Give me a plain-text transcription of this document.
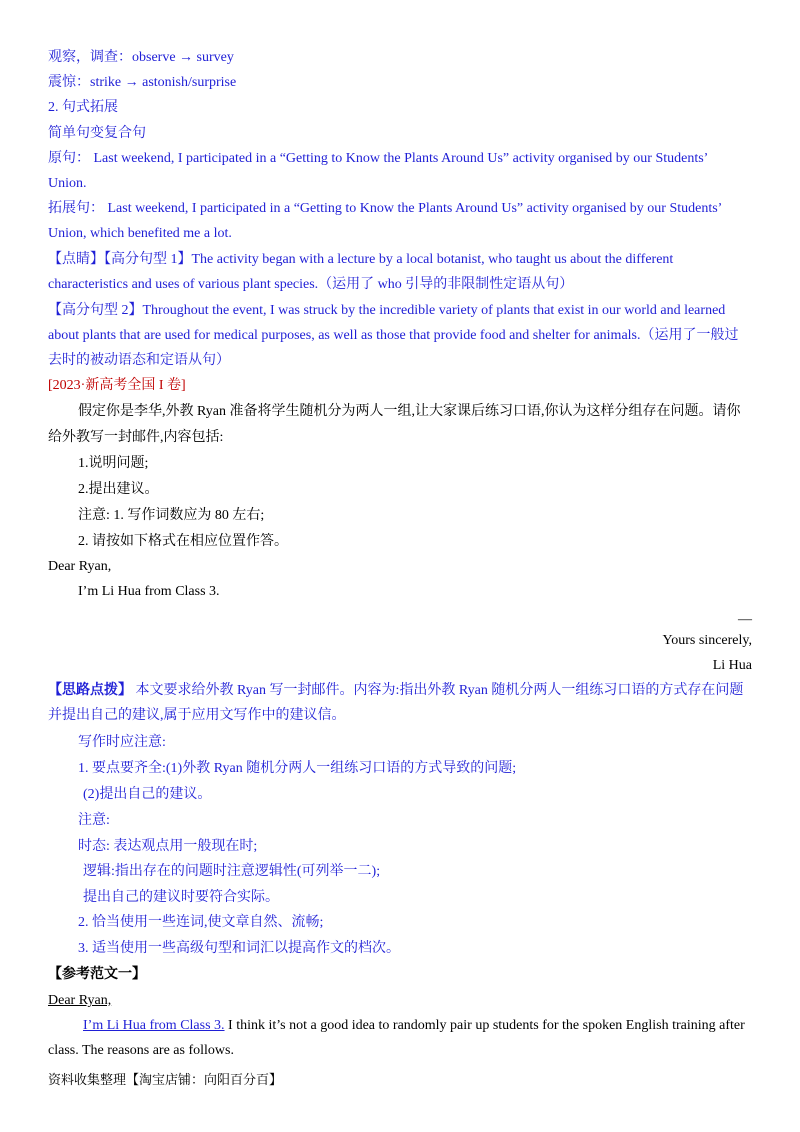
观察，调查：observe → survey
震惊：strike → astonish/surprise
2. 句式拓展
简单句变复合句
原句： Last weekend, I participated in a “Getting to Know the Plants Around Us” activity organised by our Students’
Union.
拓展句： Last weekend, I participated in a “Getting to Know the Plants Around Us” activity organised by our Students’
Union, which benefited me a lot.
【点睛】【高分句型 1】The activity began with a lecture by a local botanist, who taught us about the different
characteristics and uses of various plant species.（运用了 who 引导的非限制性定语从句）
【高分句型 2】Throughout the event, I was struck by the incredible variety of plants that exist in our world and learned
about plants that are used for medical purposes, as well as those that provide food and shelter for animals.（运用了一般过
去时的被动语态和定语从句）
[2023·新高考全国 I 卷]
假定你是李华,外教 Ryan 准备将学生随机分为两人一组,让大家课后练习口语,你认为这样分组存在问题。请你
给外教写一封邮件,内容包括:
1.说明问题;
2.提出建议。
注意: 1. 写作词数应为 80 左右;
2. 请按如下格式在相应位置作答。
Dear Ryan,
I’m Li Hua from Class 3.
—
Yours sincerely,
Li Hua
【思路点拨】 本文要求给外教 Ryan 写一封邮件。内容为:指出外教 Ryan 随机分两人一组练习口语的方式存在问题
并提出自己的建议,属于应用文写作中的建议信。
写作时应注意:
1. 要点要齐全:(1)外教 Ryan 随机分两人一组练习口语的方式导致的问题;
(2)提出自己的建议。
注意:
时态: 表达观点用一般现在时;
逻辑:指出存在的问题时注意逻辑性(可列举一二);
提出自己的建议时要符合实际。
2. 恰当使用一些连词,使文章自然、流畅;
3. 适当使用一些高级句型和词汇以提高作文的档次。
【参考范文一】
Dear Ryan,
I’m Li Hua from Class 3. I think it’s not a good idea to randomly pair up students for the spoken English training after
class. The reasons are as follows.
资料收集整理【淘宝店铺：向阳百分百】
